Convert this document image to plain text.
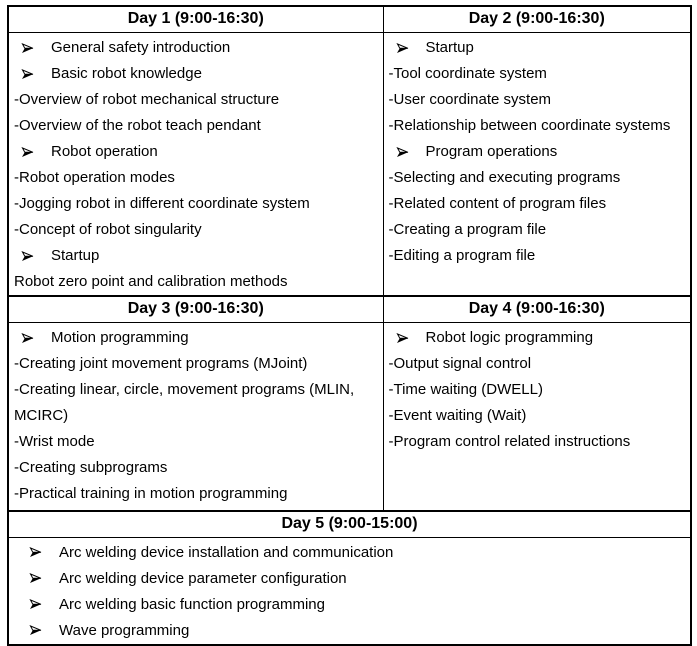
Day 1 (9:00-16:30)	Day 2 (9:00-16:30)

General safety introduction
Basic robot knowledge
-Overview of robot mechanical structure
-Overview of the robot teach pendant
Robot operation
-Robot operation modes
-Jogging robot in different coordinate system
-Concept of robot singularity
Startup
Robot zero point and calibration methods

Startup
-Tool coordinate system
-User coordinate system
-Relationship between coordinate systems
Program operations
-Selecting and executing programs
-Related content of program files
-Creating a program file
-Editing a program file

Day 3 (9:00-16:30)	Day 4 (9:00-16:30)

Motion programming
-Creating joint movement programs (MJoint)
-Creating linear, circle, movement programs (MLIN, MCIRC)
-Wrist mode
-Creating subprograms
-Practical training in motion programming

Robot logic programming
-Output signal control
-Time waiting (DWELL)
-Event waiting (Wait)
-Program control related instructions

Day 5 (9:00-15:00)	

Arc welding device installation and communication
Arc welding device parameter configuration
Arc welding basic function programming
Wave programming	
